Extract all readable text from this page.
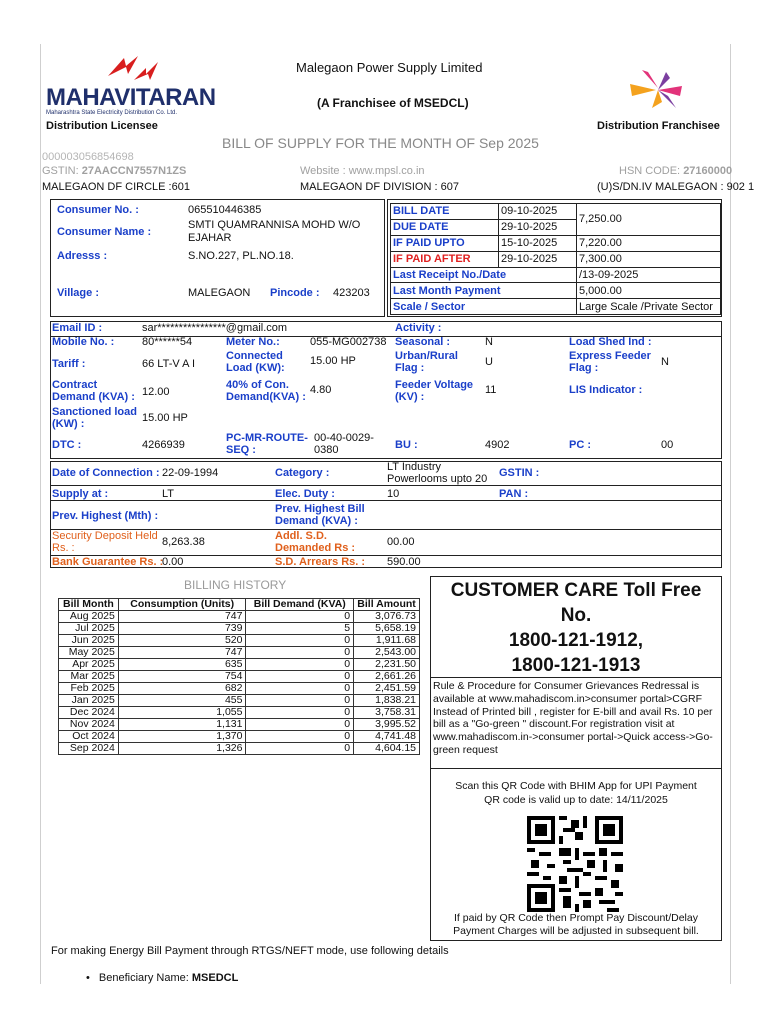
MAHAVITARAN
Maharashtra State Electricity Distribution Co. Ltd.
Distribution Licensee
Malegaon Power Supply Limited
(A Franchisee of MSEDCL)
Distribution Franchisee
BILL OF SUPPLY FOR THE MONTH OF Sep 2025
000003056854698
GSTIN: 27AACCN7557N1ZS	Website : www.mpsl.co.in	HSN CODE: 27160000
MALEGAON DF CIRCLE :601	MALEGAON DF DIVISION : 607	(U)S/DN.IV MALEGAON : 902 1
Consumer No. :	065510446385
Consumer Name :
SMTI QUAMRANNISA MOHD W/O EJAHAR
Adresss :	S.NO.227, PL.NO.18.
Village :	MALEGAON Pincode : 423203
BILL DATE	09-10-2025	7,250.00
DUE DATE	29-10-2025	
IF PAID UPTO	15-10-2025	7,220.00
IF PAID AFTER	29-10-2025	7,300.00
Last Receipt No./Date		/13-09-2025
Last Month Payment		5,000.00
Scale / Sector		Large Scale /Private Sector
Email ID :	sar****************@gmail.com	Activity :
Mobile No. :	80******54	Meter No.:	055-MG002738 Seasonal :	N	Load Shed Ind :
Tariff :	66 LT-V A I
Connected Load (KW):
15.00 HP	Urban/Rural Flag :	U	Express Feeder Flag :	N
Contract Demand (KVA) : 12.00
40% of Con. Demand(KVA) :
4.80	Feeder Voltage (KV) :
11	LIS Indicator :
Sanctioned load (KW) :	15.00 HP
DTC :	4266939
PC-MR-ROUTE-SEQ :
00-40-0029-0380	BU :	4902	PC :	00
Date of Connection : 22-09-1994	Category :	LT Industry Powerlooms upto 20	GSTIN :
Supply at :	LT	Elec. Duty :	10	PAN :
Prev. Highest (Mth) :
Prev. Highest Bill Demand (KVA) :
Security Deposit Held Rs. :	8,263.38	Addl. S.D. Demanded Rs :	00.00
Bank Guarantee Rs. :
0.00	S.D. Arrears Rs. : 590.00
BILLING HISTORY
Bill Month	Consumption (Units)	Bill Demand (KVA)	Bill Amount
Aug 2025	747	0	3,076.73
Jul 2025	739	5	5,658.19
Jun 2025	520	0	1,911.68
May 2025	747	0	2,543.00
Apr 2025	635	0	2,231.50
Mar 2025	754	0	2,661.26
Feb 2025	682	0	2,451.59
Jan 2025	455	0	1,838.21
Dec 2024	1,055	0	3,758.31
Nov 2024	1,131	0	3,995.52
Oct 2024	1,370	0	4,741.48
Sep 2024	1,326	0	4,604.15
CUSTOMER CARE Toll Free
No.
1800-121-1912,
1800-121-1913
Rule & Procedure for Consumer Grievances Redressal is available at www.mahadiscom.in>consumer portal>CGRF Instead of Printed bill , register for E-bill and avail Rs. 10 per bill as a "Go-green " discount.For registration visit at www.mahadiscom.in->consumer portal->Quick access->Go-green request
Scan this QR Code with BHIM App for UPI Payment
QR code is valid up to date: 14/11/2025
If paid by QR Code then Prompt Pay Discount/Delay Payment Charges will be adjusted in subsequent bill.
For making Energy Bill Payment through RTGS/NEFT mode, use following details
• Beneficiary Name: MSEDCL
